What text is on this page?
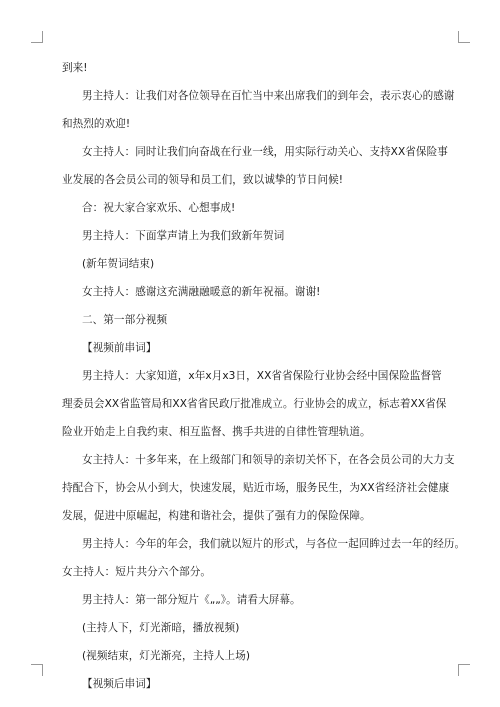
到来!
男主持人：让我们对各位领导在百忙当中来出席我们的到年会，表示衷心的感谢
和热烈的欢迎!
女主持人：同时让我们向奋战在行业一线，用实际行动关心、支持XX省保险事
业发展的各会员公司的领导和员工们，致以诚挚的节日问候!
合：祝大家合家欢乐、心想事成!
男主持人：下面掌声请上为我们致新年贺词
(新年贺词结束)
女主持人：感谢这充满融融暖意的新年祝福。谢谢!
二、第一部分视频
【视频前串词】
男主持人：大家知道，x年x月x3日，XX省省保险行业协会经中国保险监督管
理委员会XX省监管局和XX省省民政厅批准成立。行业协会的成立，标志着XX省保
险业开始走上自我约束、相互监督、携手共进的自律性管理轨道。
女主持人：十多年来，在上级部门和领导的亲切关怀下，在各会员公司的大力支
持配合下，协会从小到大，快速发展，贴近市场，服务民生，为XX省经济社会健康
发展，促进中原崛起，构建和谐社会，提供了强有力的保险保障。
男主持人：今年的年会，我们就以短片的形式，与各位一起回眸过去一年的经历。
女主持人：短片共分六个部分。
男主持人：第一部分短片《„„》。请看大屏幕。
(主持人下，灯光渐暗，播放视频)
(视频结束，灯光渐亮，主持人上场)
【视频后串词】
